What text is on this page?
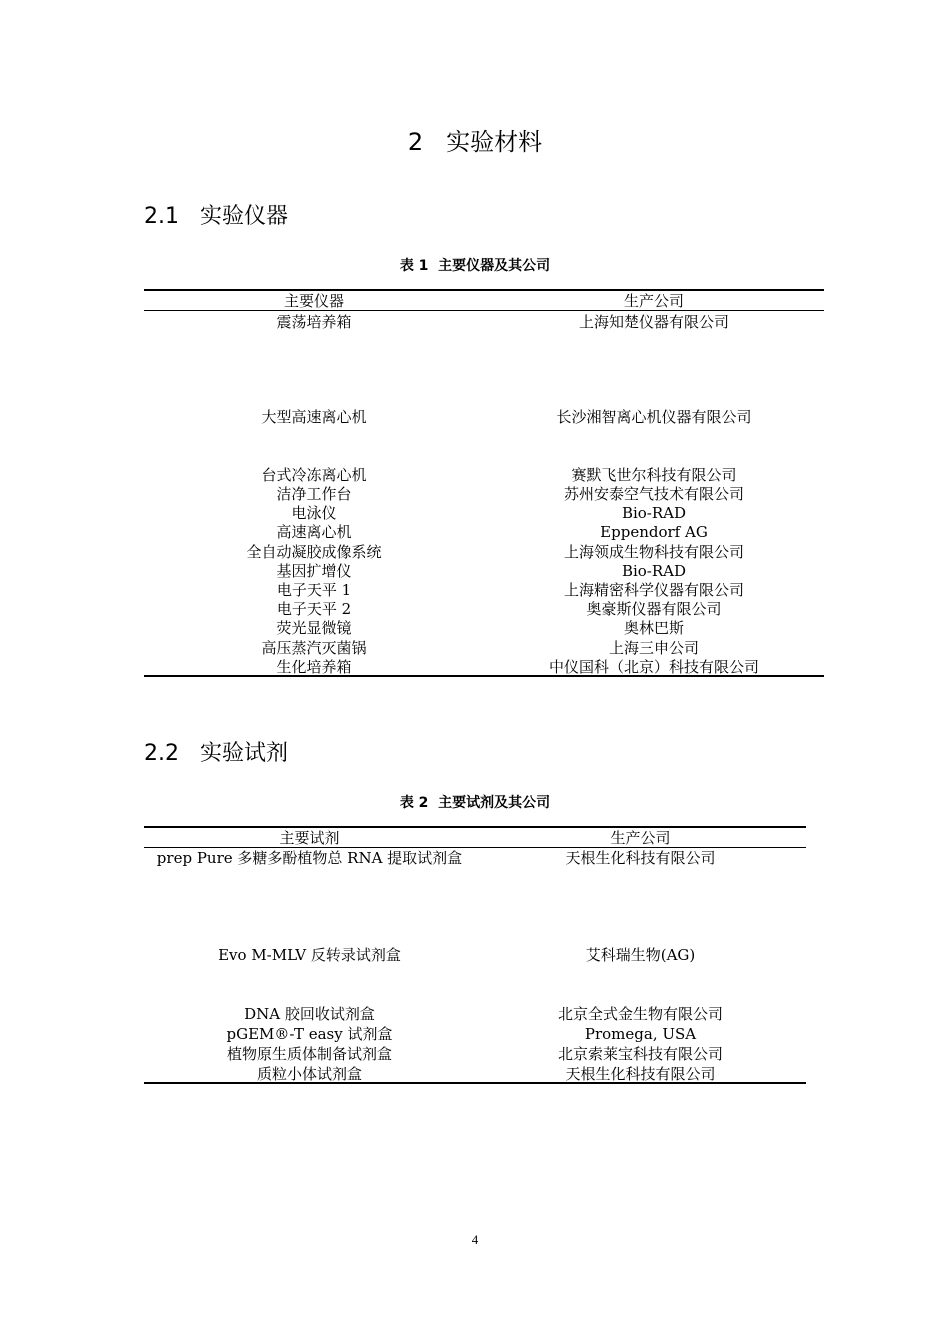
2   实验材料
2.1   实验仪器
表 1  主要仪器及其公司
主要仪器	生产公司
震荡培养箱	上海知楚仪器有限公司
大型高速离心机	长沙湘智离心机仪器有限公司
台式冷冻离心机	赛默飞世尔科技有限公司
洁净工作台	苏州安泰空气技术有限公司
电泳仪	Bio-RAD
高速离心机	Eppendorf AG
全自动凝胶成像系统	上海领成生物科技有限公司
基因扩增仪	Bio-RAD
电子天平 1	上海精密科学仪器有限公司
电子天平 2	奥豪斯仪器有限公司
荧光显微镜	奥林巴斯
高压蒸汽灭菌锅	上海三申公司
生化培养箱	中仪国科（北京）科技有限公司
2.2   实验试剂
表 2  主要试剂及其公司
主要试剂	生产公司
prep Pure 多糖多酚植物总 RNA 提取试剂盒	天根生化科技有限公司
Evo M-MLV 反转录试剂盒	艾科瑞生物(AG)
DNA 胶回收试剂盒	北京全式金生物有限公司
pGEM®-T easy 试剂盒	Promega, USA
植物原生质体制备试剂盒	北京索莱宝科技有限公司
质粒小体试剂盒	天根生化科技有限公司
4
